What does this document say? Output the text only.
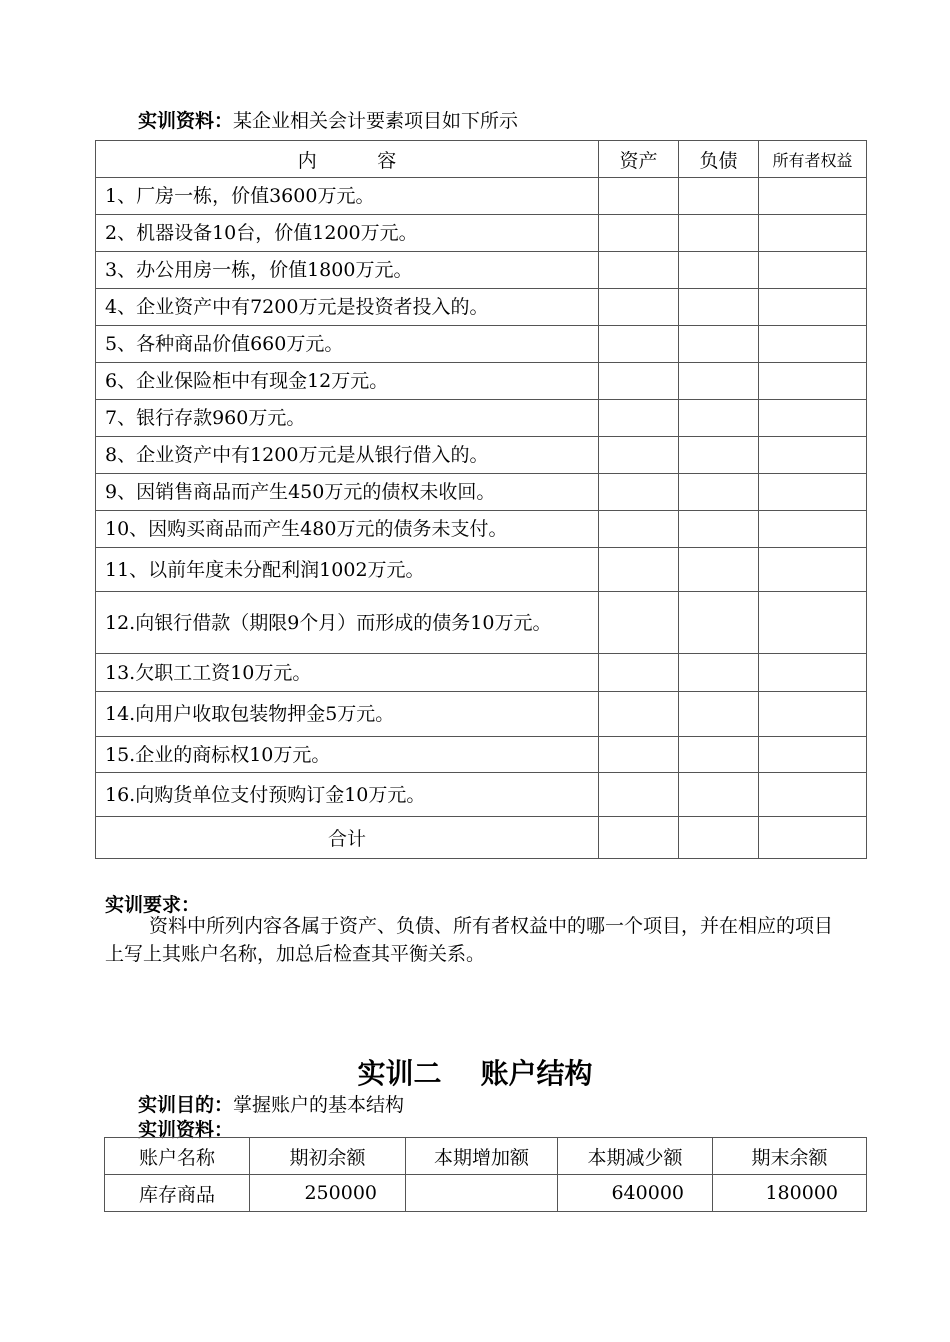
实训资料：某企业相关会计要素项目如下所示
内          容	资产	负债	所有者权益
1、厂房一栋，价值3600万元。			
2、机器设备10台，价值1200万元。			
3、办公用房一栋，价值1800万元。			
4、企业资产中有7200万元是投资者投入的。			
5、各种商品价值660万元。			
6、企业保险柜中有现金12万元。			
7、银行存款960万元。			
8、企业资产中有1200万元是从银行借入的。			
9、因销售商品而产生450万元的债权未收回。			
10、因购买商品而产生480万元的债务未支付。			
11、以前年度未分配利润1002万元。			
12.向银行借款（期限9个月）而形成的债务10万元。			
13.欠职工工资10万元。			
14.向用户收取包装物押金5万元。			
15.企业的商标权10万元。			
16.向购货单位支付预购订金10万元。			
合计			
实训要求：
资料中所列内容各属于资产、负债、所有者权益中的哪一个项目，并在相应的项目上写上其账户名称，加总后检查其平衡关系。
实训二    账户结构
实训目的：掌握账户的基本结构
实训资料：
账户名称	期初余额	本期增加额	本期减少额	期末余额
库存商品	250000		640000	180000
